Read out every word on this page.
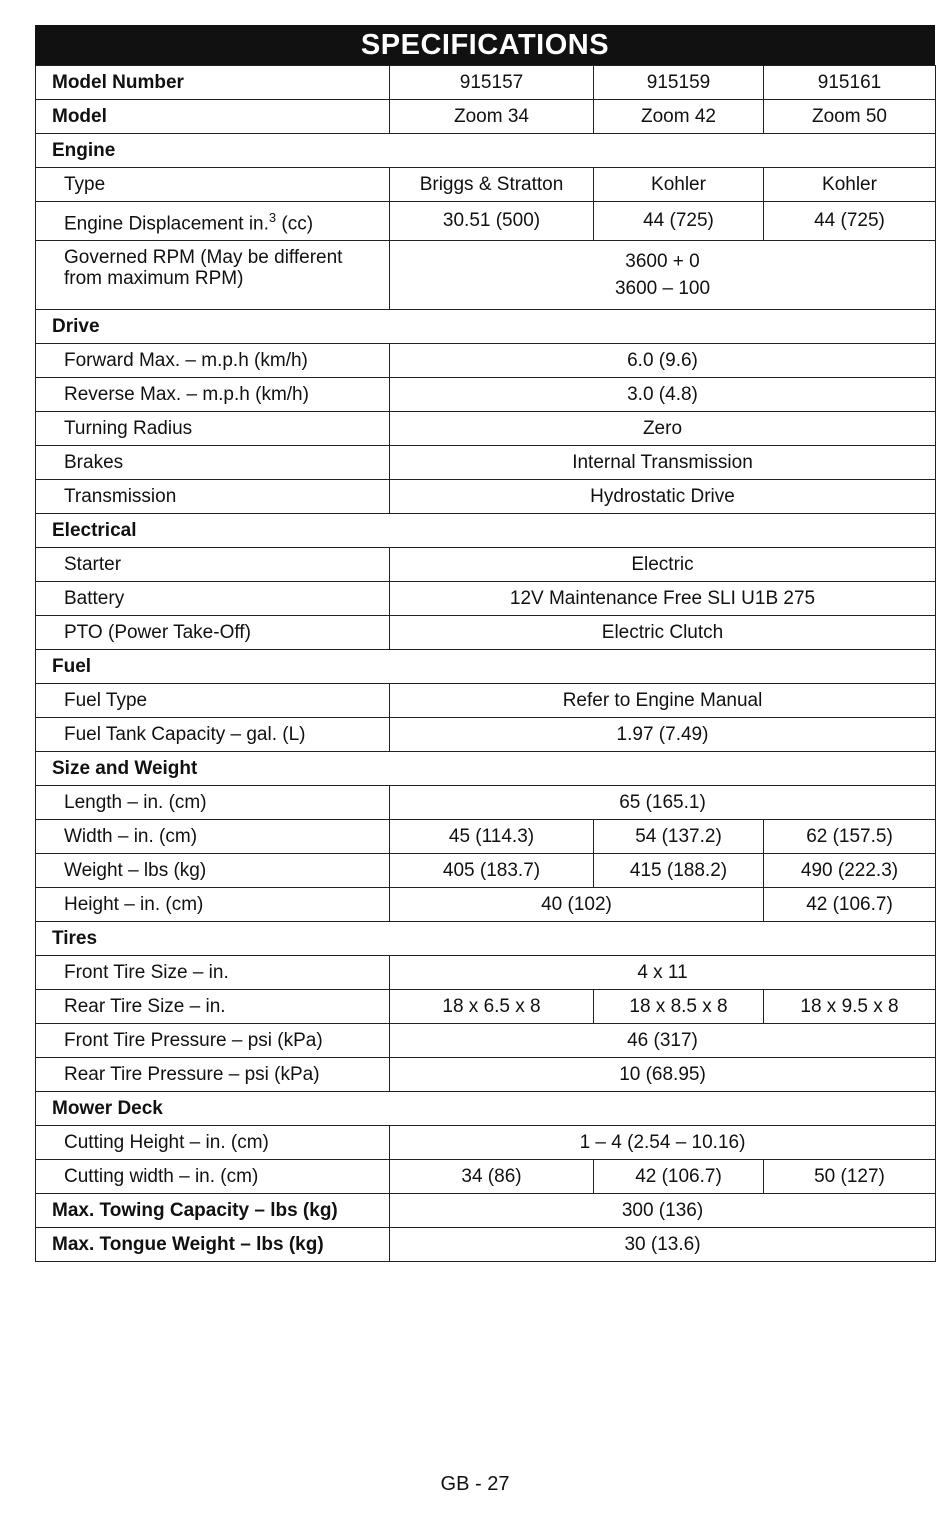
SPECIFICATIONS
Model Number	915157	915159	915161
Model	Zoom 34	Zoom 42	Zoom 50
Engine			
Type	Briggs & Stratton	Kohler	Kohler
Engine Displacement in.$^3$ (cc)	30.51 (500)	44 (725)	44 (725)
Governed RPM (May be different from maximum RPM)	3600 + 0
3600 – 100		

Drive			
Forward Max. – m.p.h (km/h)	6.0 (9.6)		
Reverse Max. – m.p.h (km/h)	3.0 (4.8)		
Turning Radius	Zero		
Brakes	Internal Transmission		
Transmission	Hydrostatic Drive		
Electrical			
Starter	Electric		
Battery	12V Maintenance Free SLI U1B 275		
PTO (Power Take-Off)	Electric Clutch		
Fuel			
Fuel Type	Refer to Engine Manual		
Fuel Tank Capacity – gal. (L)	1.97 (7.49)		
Size and Weight			
Length – in. (cm)	65 (165.1)		
Width – in. (cm)	45 (114.3)	54 (137.2)	62 (157.5)
Weight – lbs (kg)	405 (183.7)	415 (188.2)	490 (222.3)
Height – in. (cm)	40 (102)		42 (106.7)
Tires			
Front Tire Size – in.	4 x 11		
Rear Tire Size – in.	18 x 6.5 x 8	18 x 8.5 x 8	18 x 9.5 x 8
Front Tire Pressure – psi (kPa)	46 (317)		
Rear Tire Pressure – psi (kPa)	10 (68.95)		
Mower Deck			
Cutting Height – in. (cm)	1 – 4 (2.54 – 10.16)		
Cutting width – in. (cm)	34 (86)	42 (106.7)	50 (127)
Max. Towing Capacity – lbs (kg)	300 (136)		
Max. Tongue Weight – lbs (kg)	30 (13.6)		
GB - 27
